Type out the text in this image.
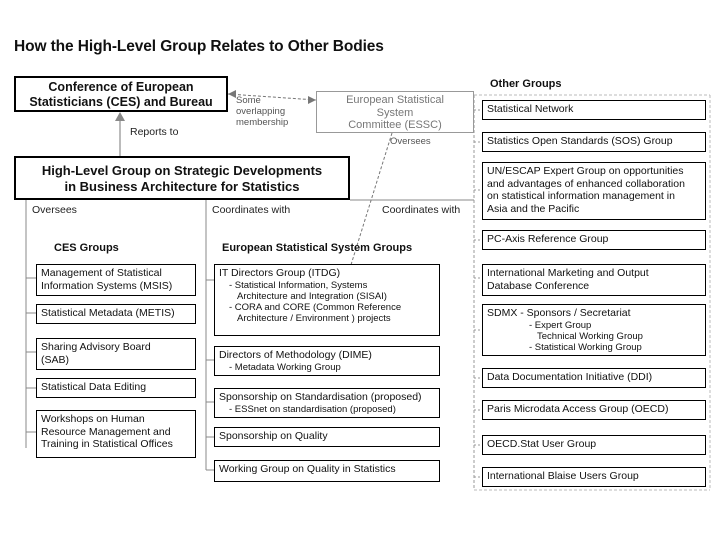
How the High-Level Group Relates to Other Bodies
Conference of European
Statisticians (CES) and Bureau	Some
overlapping
membership
European Statistical
System
Committee (ESSC)
Reports to
Oversees
High-Level Group on Strategic Developments
in Business Architecture for Statistics
Oversees	Coordinates with	Coordinates with
CES Groups
Management of Statistical
Information Systems (MSIS)
Statistical Metadata (METIS)
Sharing Advisory Board
(SAB)
Statistical Data Editing
Workshops on Human
Resource Management and
Training in Statistical Offices
European Statistical System Groups
IT Directors Group (ITDG)
- Statistical Information, Systems
Architecture and Integration (SISAI)
- CORA and CORE (Common Reference
Architecture / Environment ) projects
Directors of Methodology (DIME)
- Metadata Working Group
Sponsorship on Standardisation (proposed)
- ESSnet on standardisation (proposed)
Sponsorship on Quality
Working Group on Quality in Statistics
Other Groups
Statistical Network
Statistics Open Standards (SOS) Group
UN/ESCAP Expert Group on opportunities
and advantages of enhanced collaboration
on statistical information management in
Asia and the Pacific
PC-Axis Reference Group
International Marketing and Output
Database Conference
SDMX - Sponsors / Secretariat
- Expert Group
Technical Working Group
- Statistical Working Group
Data Documentation Initiative (DDI)
Paris Microdata Access Group (OECD)
OECD.Stat User Group
International Blaise Users Group
